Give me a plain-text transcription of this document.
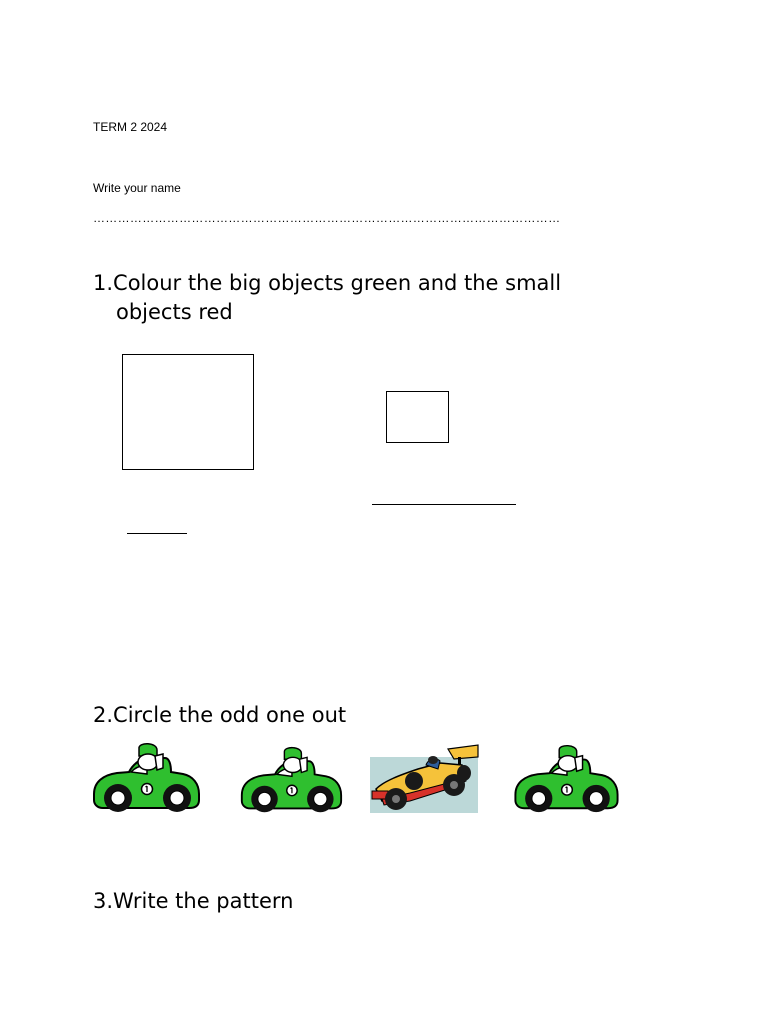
TERM 2 2024
Write your name
……………………………………………………………………………………………………
1.Colour the big objects green and the small
objects red
2.Circle the odd one out
3.Write the pattern
